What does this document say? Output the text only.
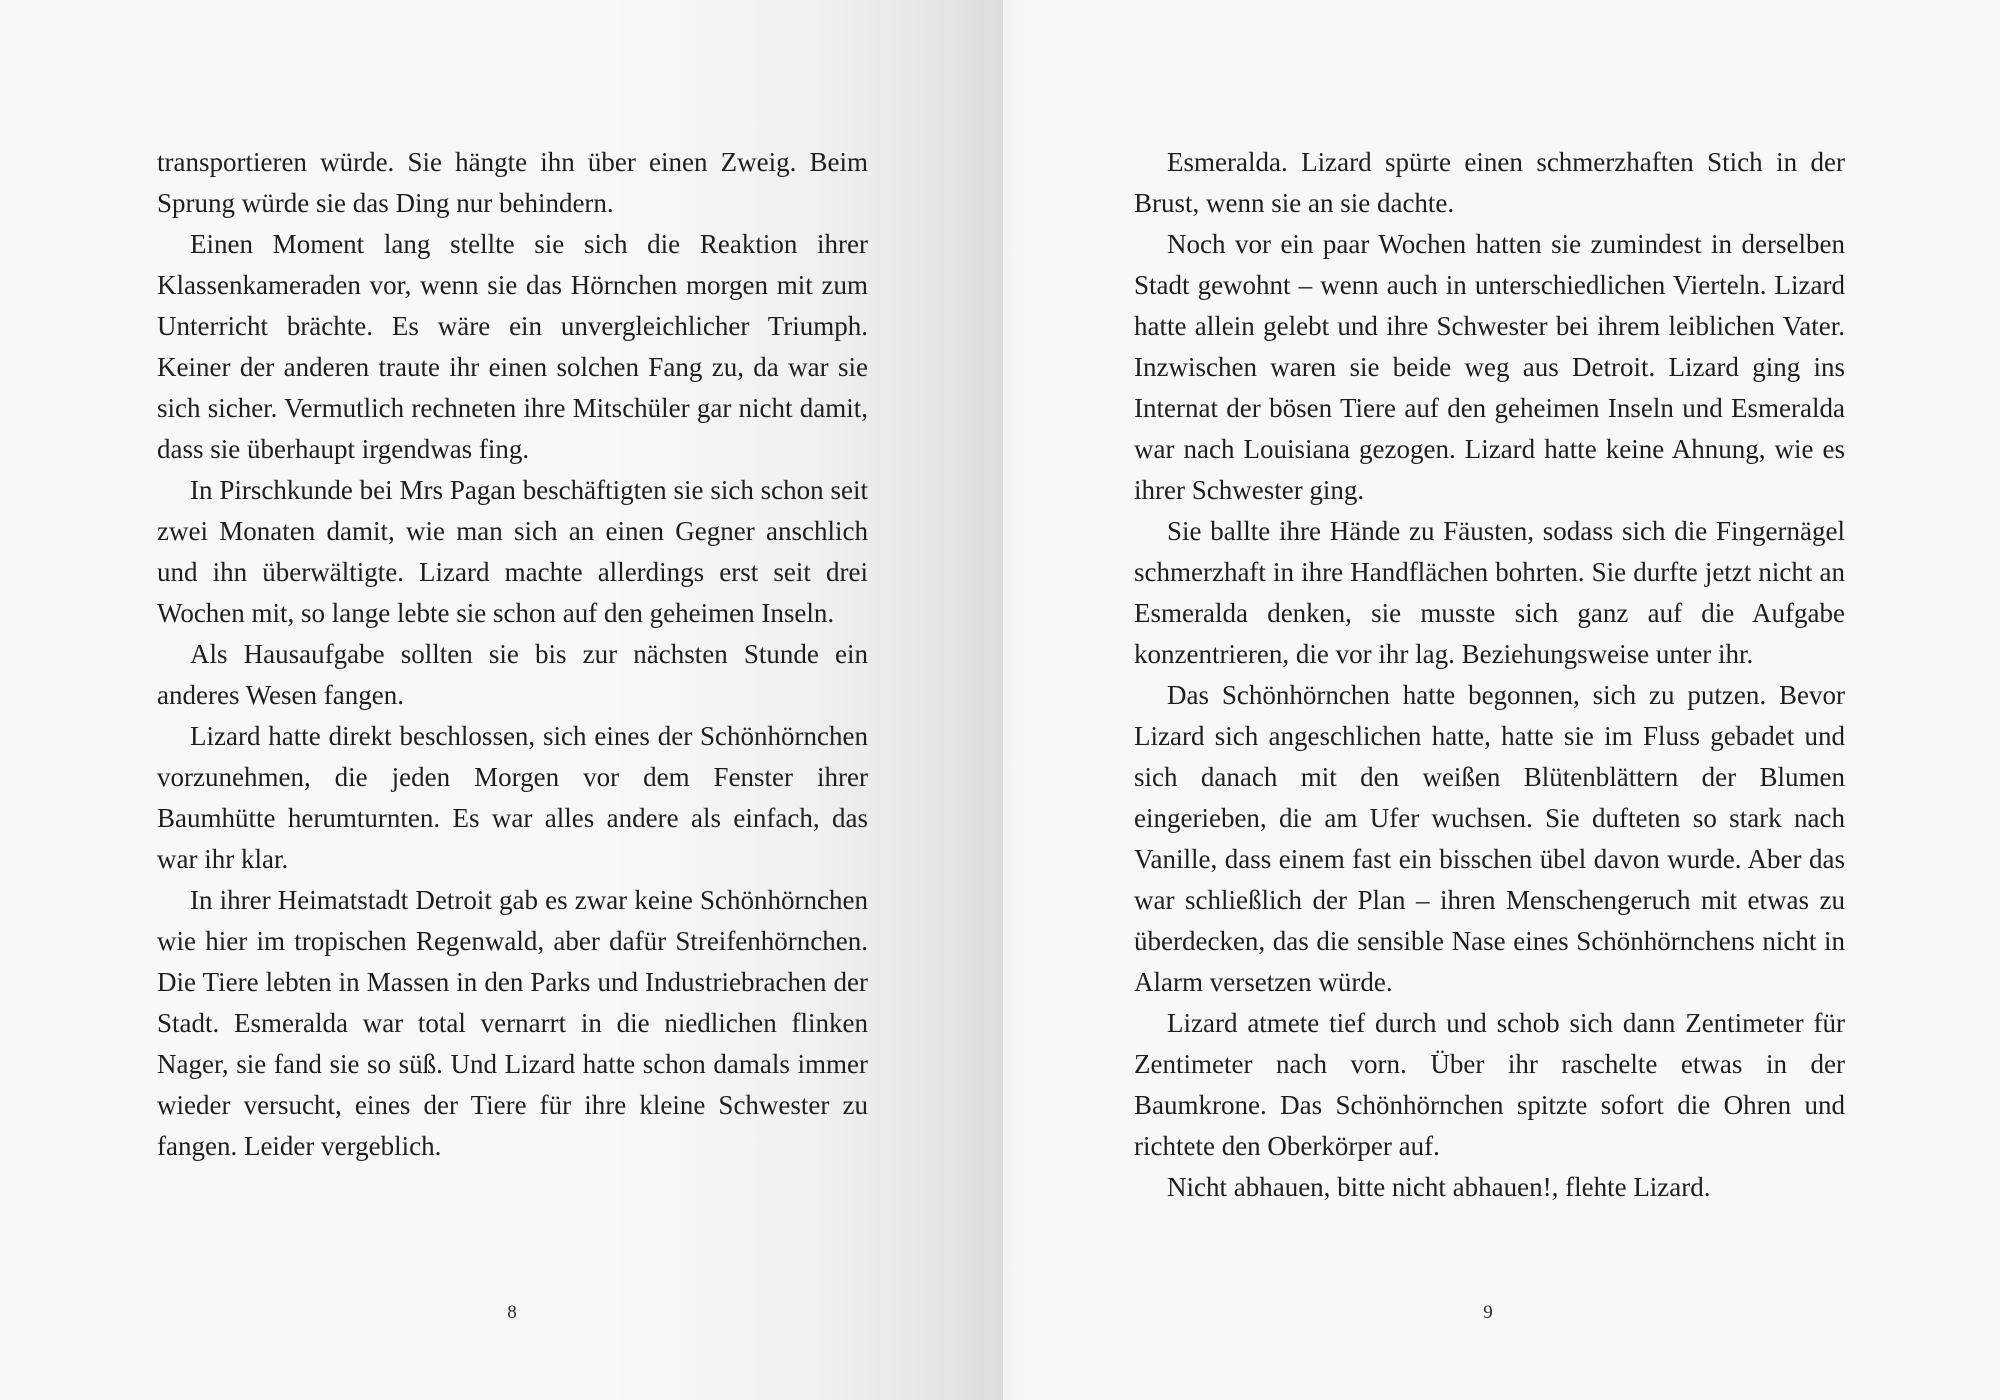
transportieren würde. Sie hängte ihn über einen Zweig. Beim Sprung würde sie das Ding nur behindern.

Einen Moment lang stellte sie sich die Reaktion ihrer Klassenkameraden vor, wenn sie das Hörnchen morgen mit zum Unterricht brächte. Es wäre ein unvergleichlicher Triumph. Keiner der anderen traute ihr einen solchen Fang zu, da war sie sich sicher. Vermutlich rechneten ihre Mitschüler gar nicht damit, dass sie überhaupt irgendwas fing.

In Pirschkunde bei Mrs Pagan beschäftigten sie sich schon seit zwei Monaten damit, wie man sich an einen Gegner anschlich und ihn überwältigte. Lizard machte allerdings erst seit drei Wochen mit, so lange lebte sie schon auf den geheimen Inseln.

Als Hausaufgabe sollten sie bis zur nächsten Stunde ein anderes Wesen fangen.

Lizard hatte direkt beschlossen, sich eines der Schönhörnchen vorzunehmen, die jeden Morgen vor dem Fenster ihrer Baumhütte herumturnten. Es war alles andere als einfach, das war ihr klar.

In ihrer Heimatstadt Detroit gab es zwar keine Schönhörnchen wie hier im tropischen Regenwald, aber dafür Streifenhörnchen. Die Tiere lebten in Massen in den Parks und Industriebrachen der Stadt. Esmeralda war total vernarrt in die niedlichen flinken Nager, sie fand sie so süß. Und Lizard hatte schon damals immer wieder versucht, eines der Tiere für ihre kleine Schwester zu fangen. Leider vergeblich.

8

Esmeralda. Lizard spürte einen schmerzhaften Stich in der Brust, wenn sie an sie dachte.

Noch vor ein paar Wochen hatten sie zumindest in derselben Stadt gewohnt – wenn auch in unterschiedlichen Vierteln. Lizard hatte allein gelebt und ihre Schwester bei ihrem leiblichen Vater. Inzwischen waren sie beide weg aus Detroit. Lizard ging ins Internat der bösen Tiere auf den geheimen Inseln und Esmeralda war nach Louisiana gezogen. Lizard hatte keine Ahnung, wie es ihrer Schwester ging.

Sie ballte ihre Hände zu Fäusten, sodass sich die Fingernägel schmerzhaft in ihre Handflächen bohrten. Sie durfte jetzt nicht an Esmeralda denken, sie musste sich ganz auf die Aufgabe konzentrieren, die vor ihr lag. Beziehungsweise unter ihr.

Das Schönhörnchen hatte begonnen, sich zu putzen. Bevor Lizard sich angeschlichen hatte, hatte sie im Fluss gebadet und sich danach mit den weißen Blütenblättern der Blumen eingerieben, die am Ufer wuchsen. Sie dufteten so stark nach Vanille, dass einem fast ein bisschen übel davon wurde. Aber das war schließlich der Plan – ihren Menschengeruch mit etwas zu überdecken, das die sensible Nase eines Schönhörnchens nicht in Alarm versetzen würde.

Lizard atmete tief durch und schob sich dann Zentimeter für Zentimeter nach vorn. Über ihr raschelte etwas in der Baumkrone. Das Schönhörnchen spitzte sofort die Ohren und richtete den Oberkörper auf.

Nicht abhauen, bitte nicht abhauen!, flehte Lizard.

9
